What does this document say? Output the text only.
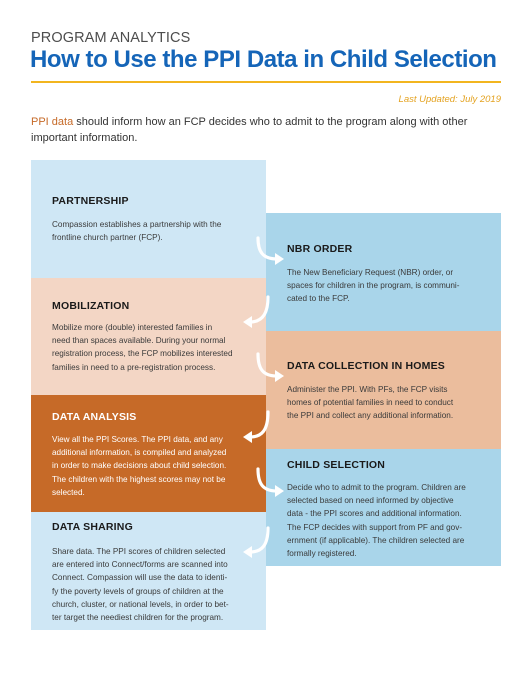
PROGRAM ANALYTICS
How to Use the PPI Data in Child Selection
Last Updated: July 2019
PPI data should inform how an FCP decides who to admit to the program along with other important information.
PARTNERSHIP
Compassion establishes a partnership with the
frontline church partner (FCP).
NBR ORDER
The New Beneficiary Request (NBR) order, or
spaces for children in the program, is communi-
cated to the FCP.
MOBILIZATION
Mobilize more (double) interested families in
need than spaces available. During your normal
registration process, the FCP mobilizes interested
families in need to a pre-registration process.	DATA COLLECTION IN HOMES
Administer the PPI. With PFs, the FCP visits
homes of potential families in need to conduct
the PPI and collect any additional information.
DATA ANALYSIS
View all the PPI Scores. The PPI data, and any
additional information, is compiled and analyzed
in order to make decisions about child selection.
The children with the highest scores may not be
selected.
CHILD SELECTION
Decide who to admit to the program. Children are
selected based on need informed by objective
data - the PPI scores and additional information.
The FCP decides with support from PF and gov-
ernment (if applicable). The children selected are
formally registered.
DATA SHARING
Share data. The PPI scores of children selected
are entered into Connect/forms are scanned into
Connect. Compassion will use the data to identi-
fy the poverty levels of groups of children at the
church, cluster, or national levels, in order to bet-
ter target the neediest children for the program.
